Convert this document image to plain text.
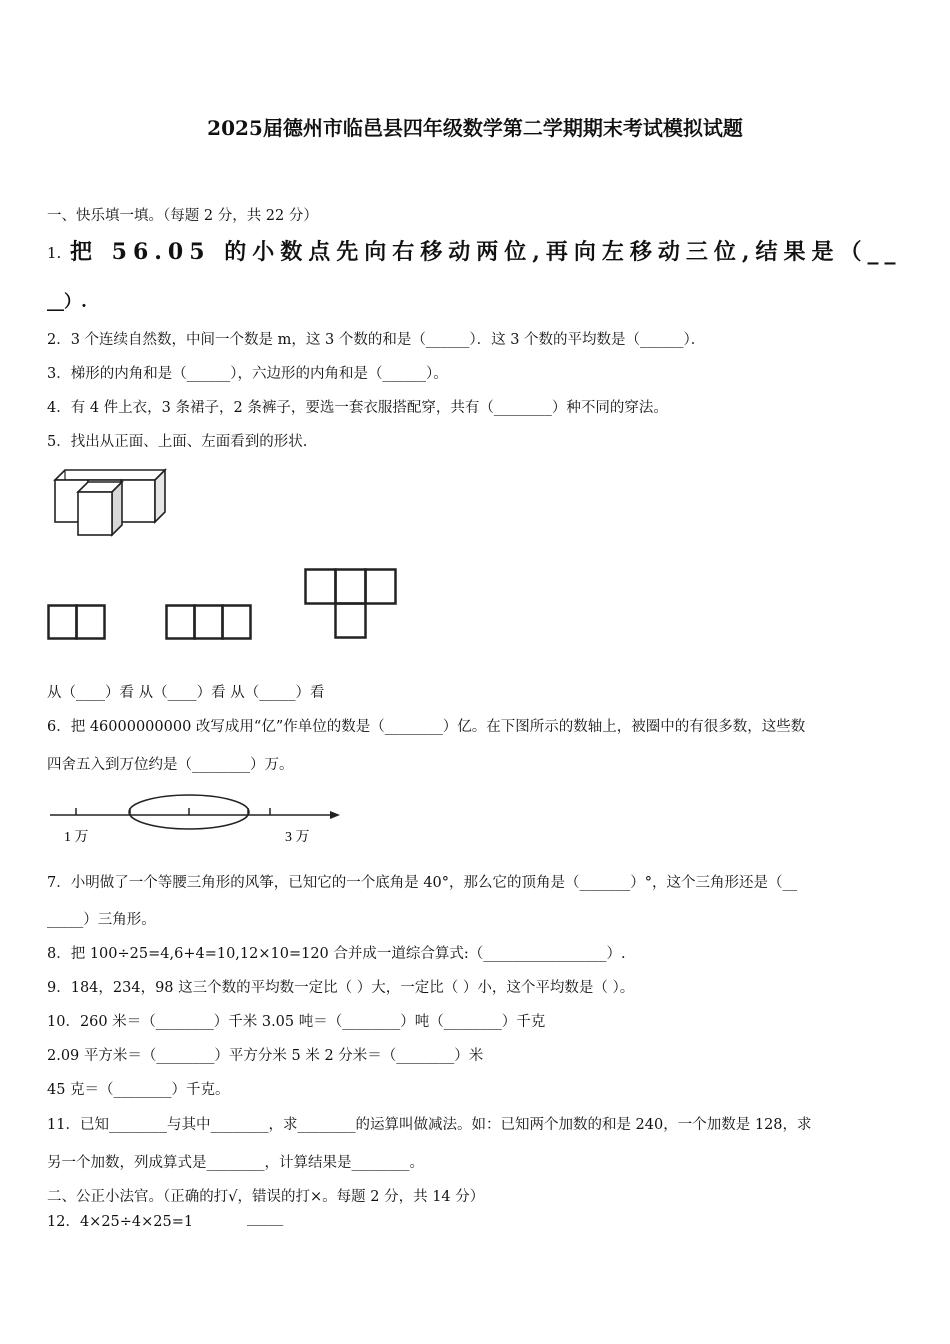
2025届德州市临邑县四年级数学第二学期期末考试模拟试题
一、快乐填一填。（每题 2 分，共 22 分）
1. 把 56.05 的小数点先向右移动两位,再向左移动三位,结果是（__
__）.
2．3 个连续自然数，中间一个数是 m，这 3 个数的和是（______）．这 3 个数的平均数是（______）．
3．梯形的内角和是（______），六边形的内角和是（______）。
4．有 4 件上衣，3 条裙子，2 条裤子，要选一套衣服搭配穿，共有（________）种不同的穿法。
5．找出从正面、上面、左面看到的形状.
从（____）看 从（____）看 从（_____）看
6．把 46000000000 改写成用“亿”作单位的数是（________）亿。在下图所示的数轴上，被圈中的有很多数，这些数
四舍五入到万位约是（________）万。
1 万	3 万
7．小明做了一个等腰三角形的风筝，已知它的一个底角是 40°，那么它的顶角是（_______）°，这个三角形还是（__
_____）三角形。
8．把 100÷25=4,6+4=10,12×10=120 合并成一道综合算式:（_________________）.
9．184，234，98 这三个数的平均数一定比（ ）大，一定比（ ）小，这个平均数是（ ）。
10．260 米＝（________）千米 3.05 吨＝（________）吨（________）千克
2.09 平方米＝（________）平方分米 5 米 2 分米＝（________）米
45 克＝（________）千克。
11．已知________与其中________，求________的运算叫做减法。如：已知两个加数的和是 240，一个加数是 128，求
另一个加数，列成算式是________，计算结果是________。
二、公正小法官。（正确的打√，错误的打×。每题 2 分，共 14 分）
12．4×25÷4×25=1	_____
